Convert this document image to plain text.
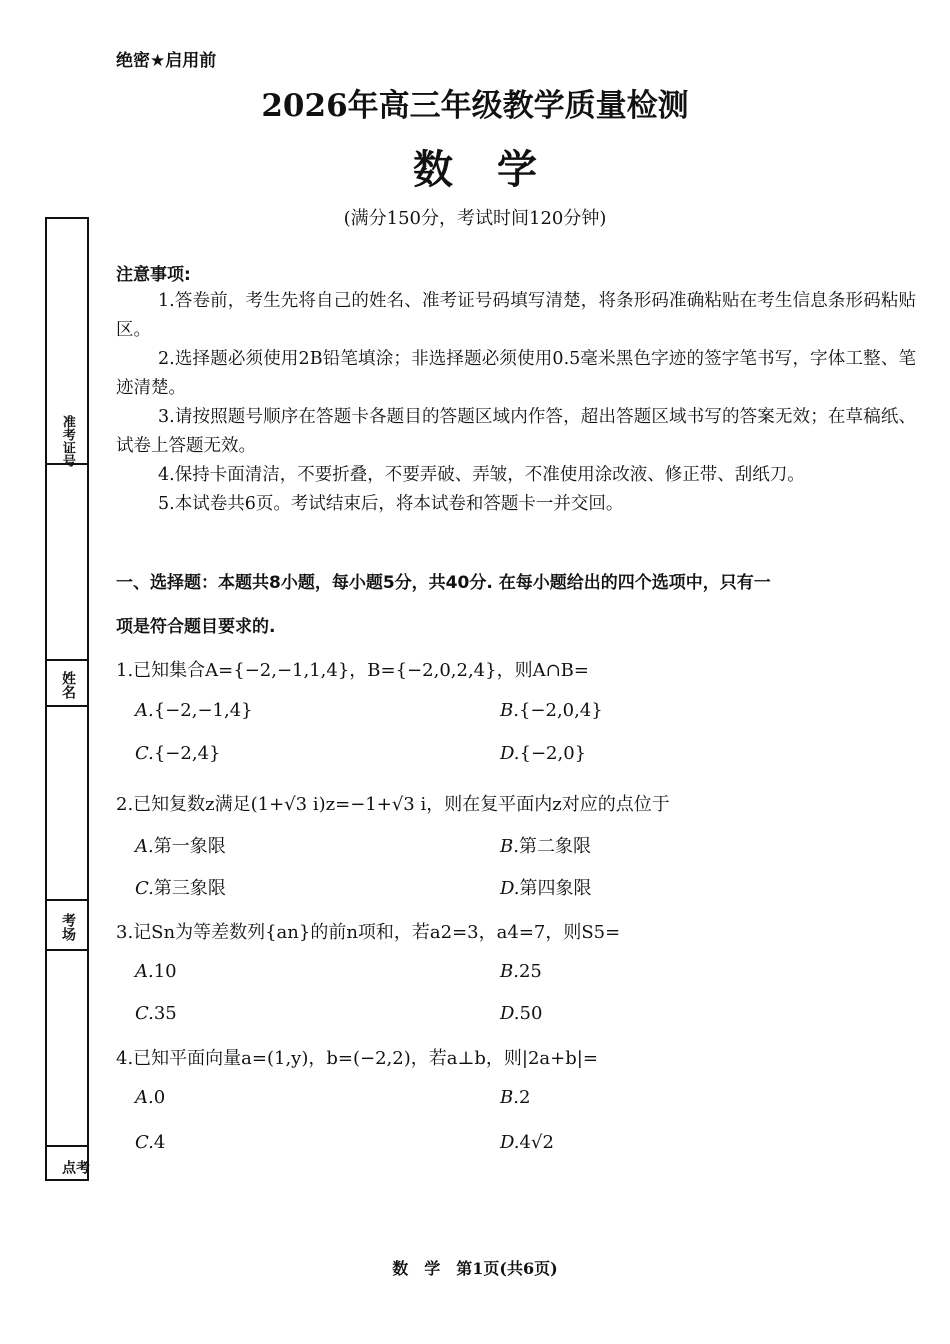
绝密★启用前
2026年高三年级教学质量检测
数学
(满分150分，考试时间120分钟)
准考证号
姓名
考场
考点
注意事项:
1.答卷前，考生先将自己的姓名、准考证号码填写清楚，将条形码准确粘贴在考生信息条形码粘贴区。
2.选择题必须使用2B铅笔填涂；非选择题必须使用0.5毫米黑色字迹的签字笔书写，字体工整、笔迹清楚。
3.请按照题号顺序在答题卡各题目的答题区域内作答，超出答题区域书写的答案无效；在草稿纸、试卷上答题无效。
4.保持卡面清洁，不要折叠，不要弄破、弄皱，不准使用涂改液、修正带、刮纸刀。
5.本试卷共6页。考试结束后，将本试卷和答题卡一并交回。
一、选择题：本题共8小题，每小题5分，共40分. 在每小题给出的四个选项中，只有一
项是符合题目要求的.
1.已知集合A={−2,−1,1,4}，B={−2,0,2,4}，则A∩B=
A.{−2,−1,4}	B.{−2,0,4}
C.{−2,4}	D.{−2,0}
2.已知复数z满足(1+√3 i)z=−1+√3 i，则在复平面内z对应的点位于
A.第一象限	B.第二象限
C.第三象限	D.第四象限
3.记Sn为等差数列{an}的前n项和，若a2=3，a4=7，则S5=
A.10	B.25
C.35	D.50
4.已知平面向量a=(1,y)，b=(−2,2)，若a⊥b，则|2a+b|=
A.0	B.2
C.4	D.4√2
数　学　第1页(共6页)
